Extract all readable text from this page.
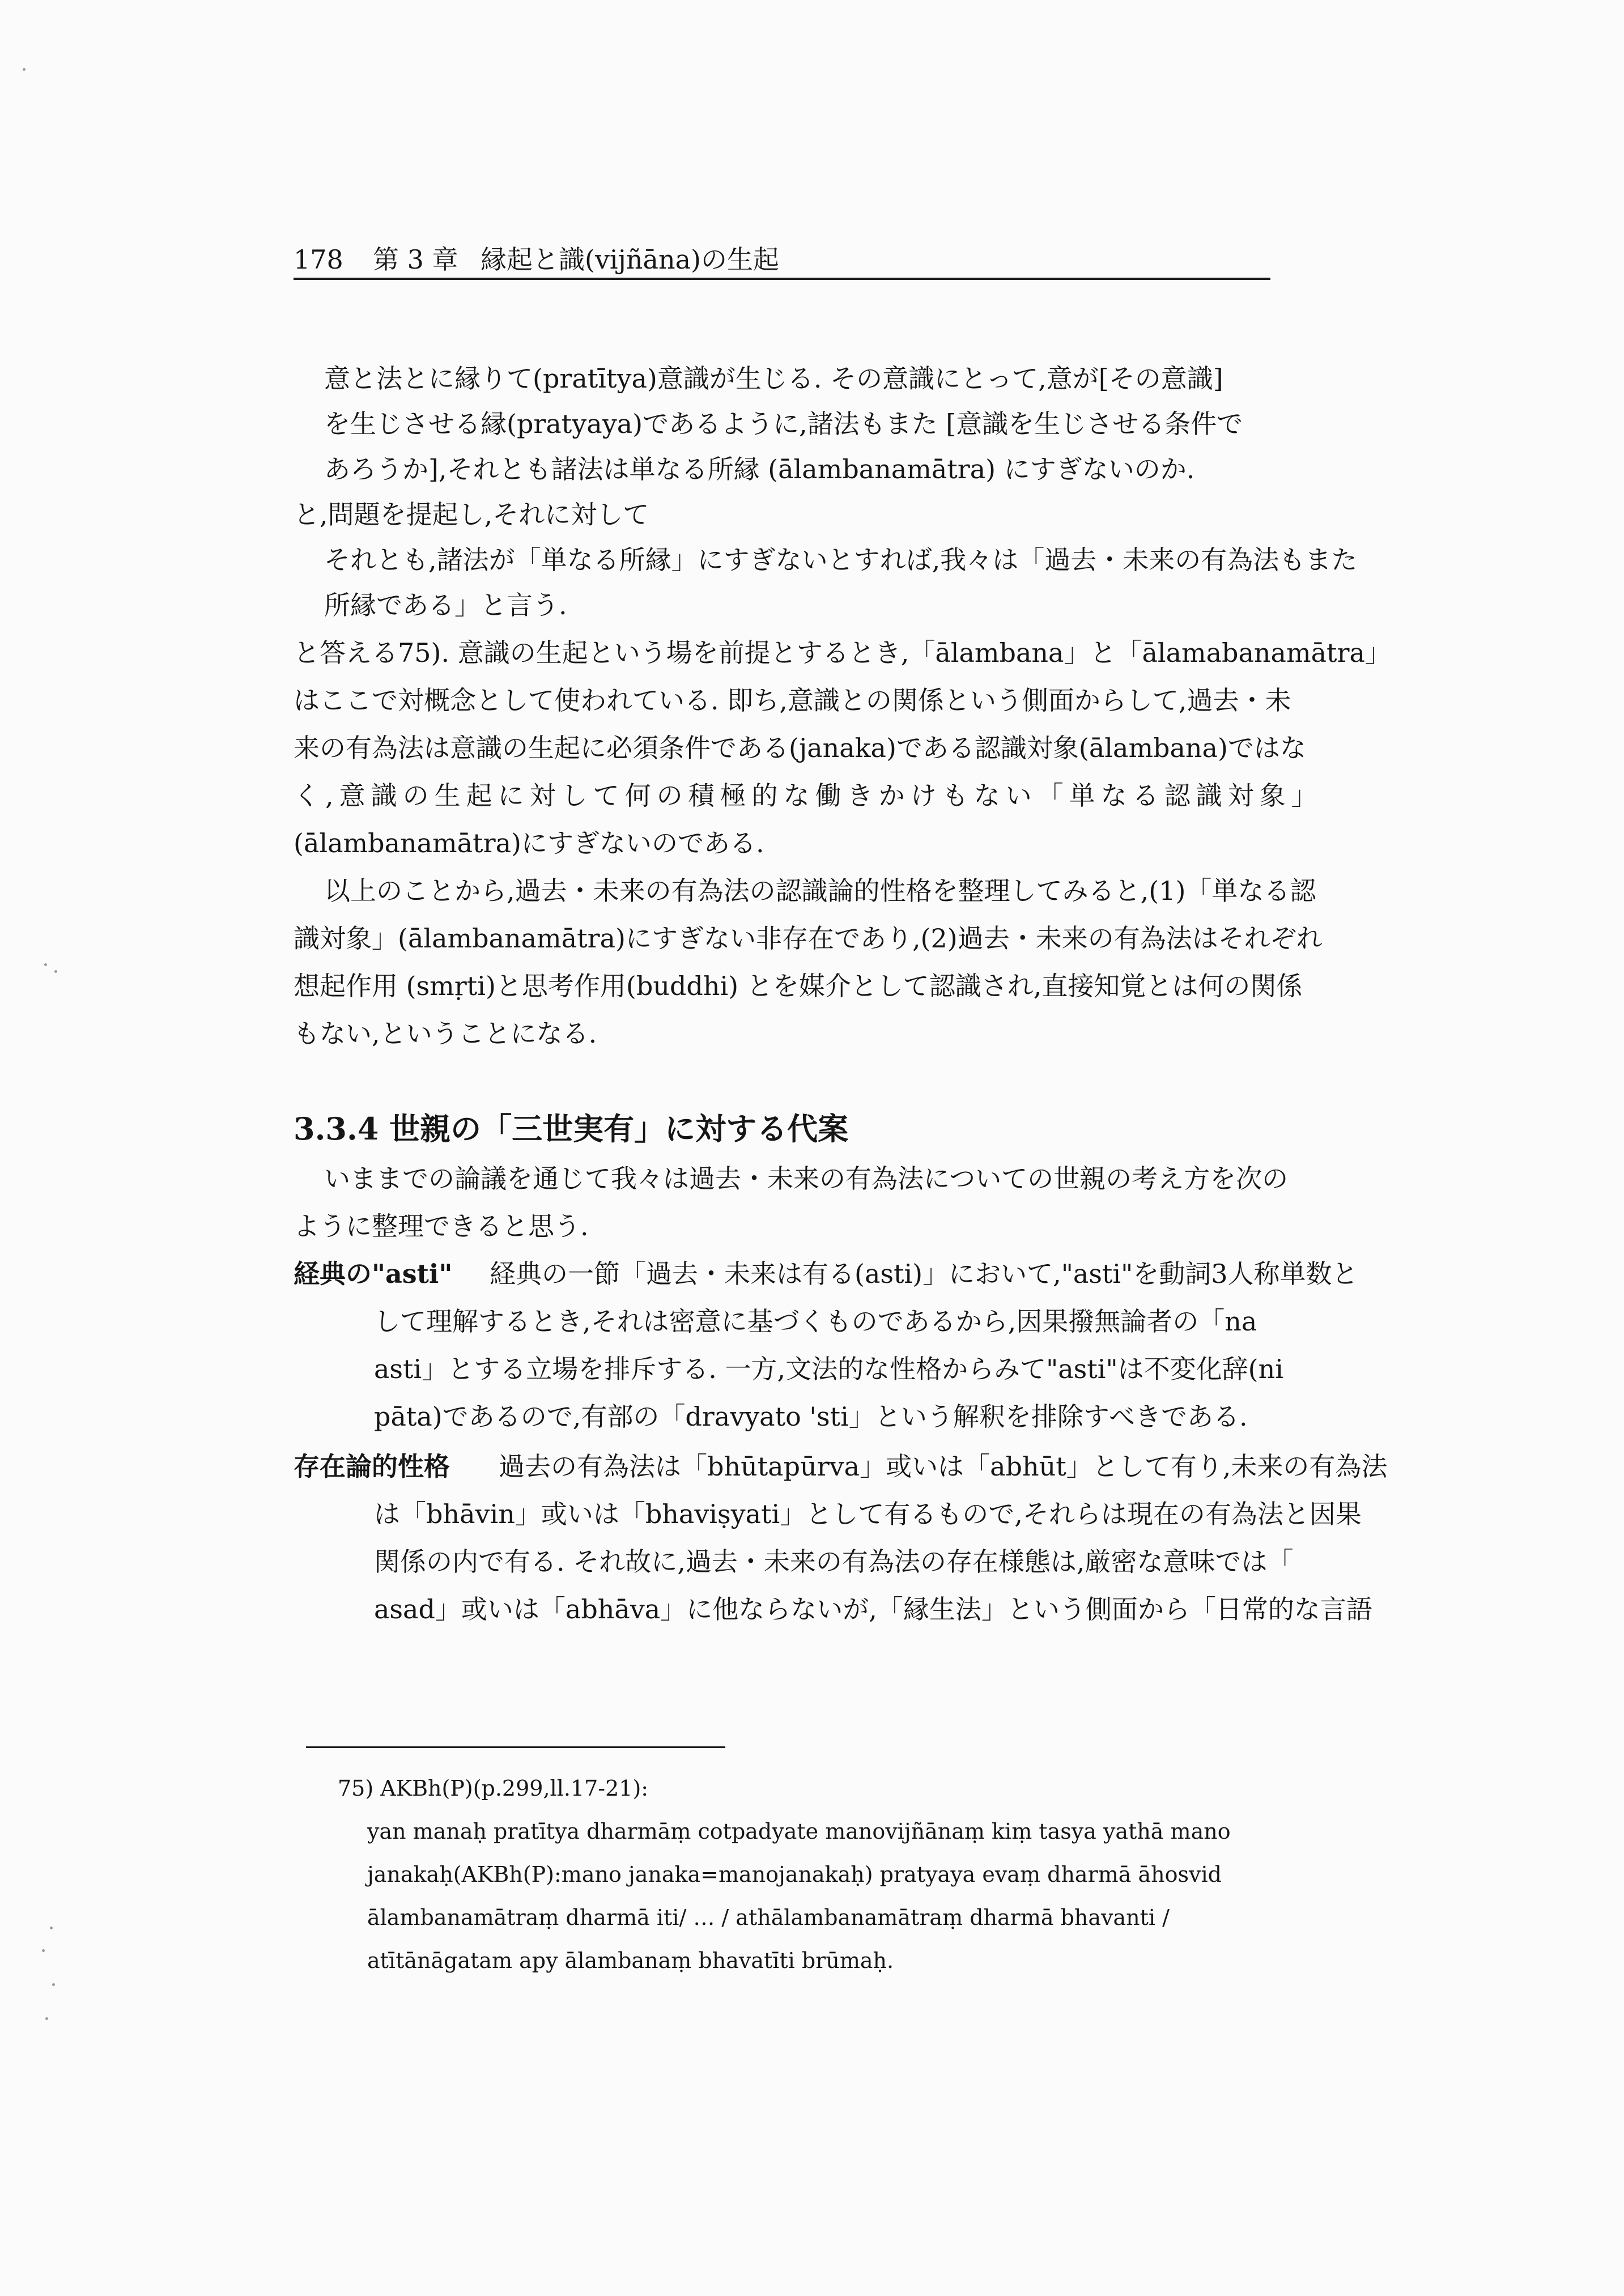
178 第 3 章 縁起と識(vijñāna)の生起
意と法とに縁りて(pratītya)意識が生じる. その意識にとって,意が[その意識]
を生じさせる縁(pratyaya)であるように,諸法もまた [意識を生じさせる条件で
あろうか],それとも諸法は単なる所縁 (ālambanamātra) にすぎないのか.
と,問題を提起し,それに対して
それとも,諸法が「単なる所縁」にすぎないとすれば,我々は「過去・未来の有為法もまた
所縁である」と言う.
と答える75). 意識の生起という場を前提とするとき,「ālambana」と「ālamabanamātra」
はここで対概念として使われている. 即ち,意識との関係という側面からして,過去・未
来の有為法は意識の生起に必須条件である(janaka)である認識対象(ālambana)ではな
く,意識の生起に対して何の積極的な働きかけもない「単なる認識対象」
(ālambanamātra)にすぎないのである.
以上のことから,過去・未来の有為法の認識論的性格を整理してみると,(1)「単なる認
識対象」(ālambanamātra)にすぎない非存在であり,(2)過去・未来の有為法はそれぞれ
想起作用 (smṛti)と思考作用(buddhi) とを媒介として認識され,直接知覚とは何の関係
もない,ということになる.
3.3.4 世親の「三世実有」に対する代案
いままでの論議を通じて我々は過去・未来の有為法についての世親の考え方を次の
ように整理できると思う.
経典の"asti" 経典の一節「過去・未来は有る(asti)」において,"asti"を動詞3人称単数と
して理解するとき,それは密意に基づくものであるから,因果撥無論者の「na
asti」とする立場を排斥する. 一方,文法的な性格からみて"asti"は不変化辞(ni
pāta)であるので,有部の「dravyato 'sti」という解釈を排除すべきである.
存在論的性格 過去の有為法は「bhūtapūrva」或いは「abhūt」として有り,未来の有為法
は「bhāvin」或いは「bhaviṣyati」として有るもので,それらは現在の有為法と因果
関係の内で有る. それ故に,過去・未来の有為法の存在様態は,厳密な意味では「
asad」或いは「abhāva」に他ならないが,「縁生法」という側面から「日常的な言語
75) AKBh(P)(p.299,ll.17-21):
yan manaḥ pratītya dharmāṃ cotpadyate manovijñānaṃ kiṃ tasya yathā mano
janakaḥ(AKBh(P):mano janaka=manojanakaḥ) pratyaya evaṃ dharmā āhosvid
ālambanamātraṃ dharmā iti/ … / athālambanamātraṃ dharmā bhavanti /
atītānāgatam apy ālambanaṃ bhavatīti brūmaḥ.
